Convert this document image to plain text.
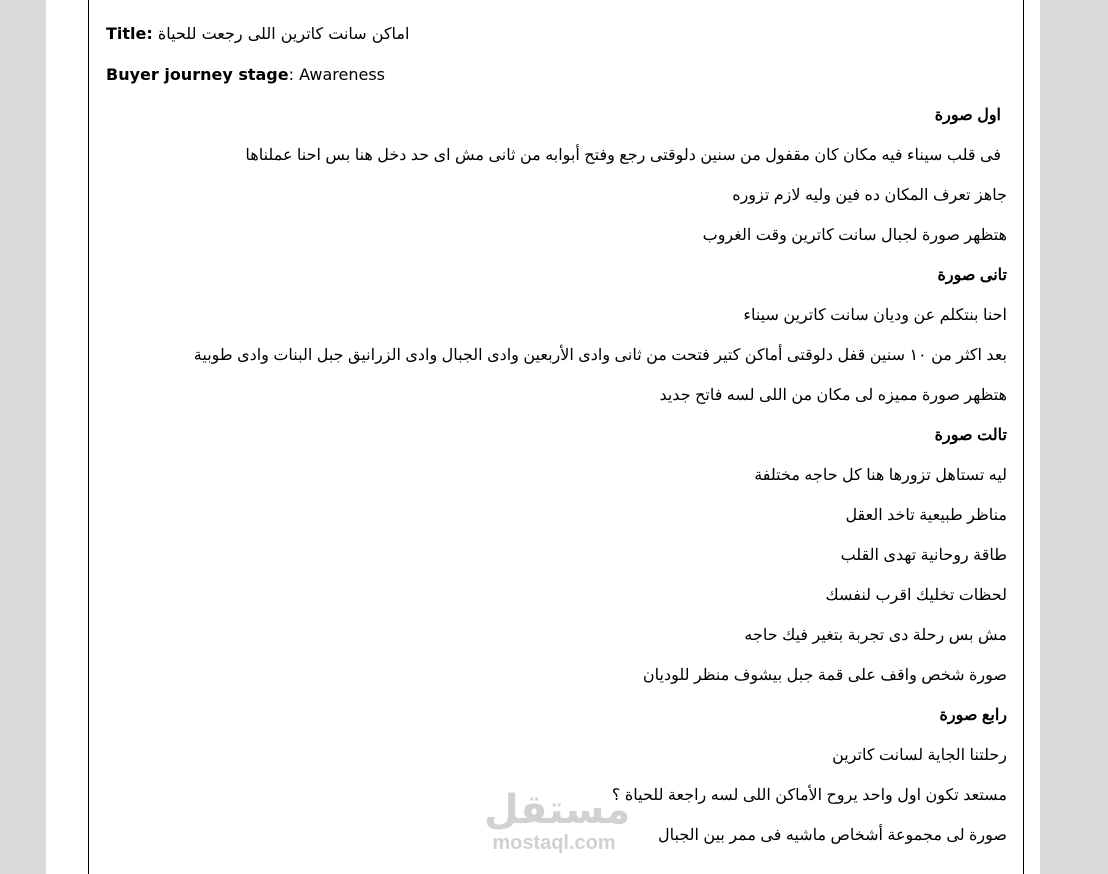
Title: اماكن سانت كاترين اللى رجعت للحياة
Buyer journey stage: Awareness
اول صورة
فى قلب سيناء فيه مكان كان مقفول من سنين دلوقتى رجع وفتح أبوابه من ثانى مش اى حد دخل هنا بس احنا عملناها
جاهز تعرف المكان ده فين وليه لازم تزوره
هتظهر صورة لجبال سانت كاترين وقت الغروب
تانى صورة
احنا بنتكلم عن وديان سانت كاترين سيناء
بعد اكثر من ١٠ سنين قفل دلوقتى أماكن كتير فتحت من ثانى وادى الأربعين وادى الجبال وادى الزرانيق جبل البنات وادى طوبية
هتظهر صورة مميزه لى مكان من اللى لسه فاتح جديد
تالت صورة
ليه تستاهل تزورها هنا كل حاجه مختلفة
مناظر طبيعية تاخد العقل
طاقة روحانية تهدى القلب
لحظات تخليك اقرب لنفسك
مش بس رحلة دى تجربة بتغير فيك حاجه
صورة شخص واقف على قمة جبل بيشوف منظر للوديان
رابع صورة
رحلتنا الجاية لسانت كاترين
مستعد تكون اول واحد يروح الأماكن اللى لسه راجعة للحياة ؟
صورة لى مجموعة أشخاص ماشيه فى ممر بين الجبال
مستقل
mostaql.com
